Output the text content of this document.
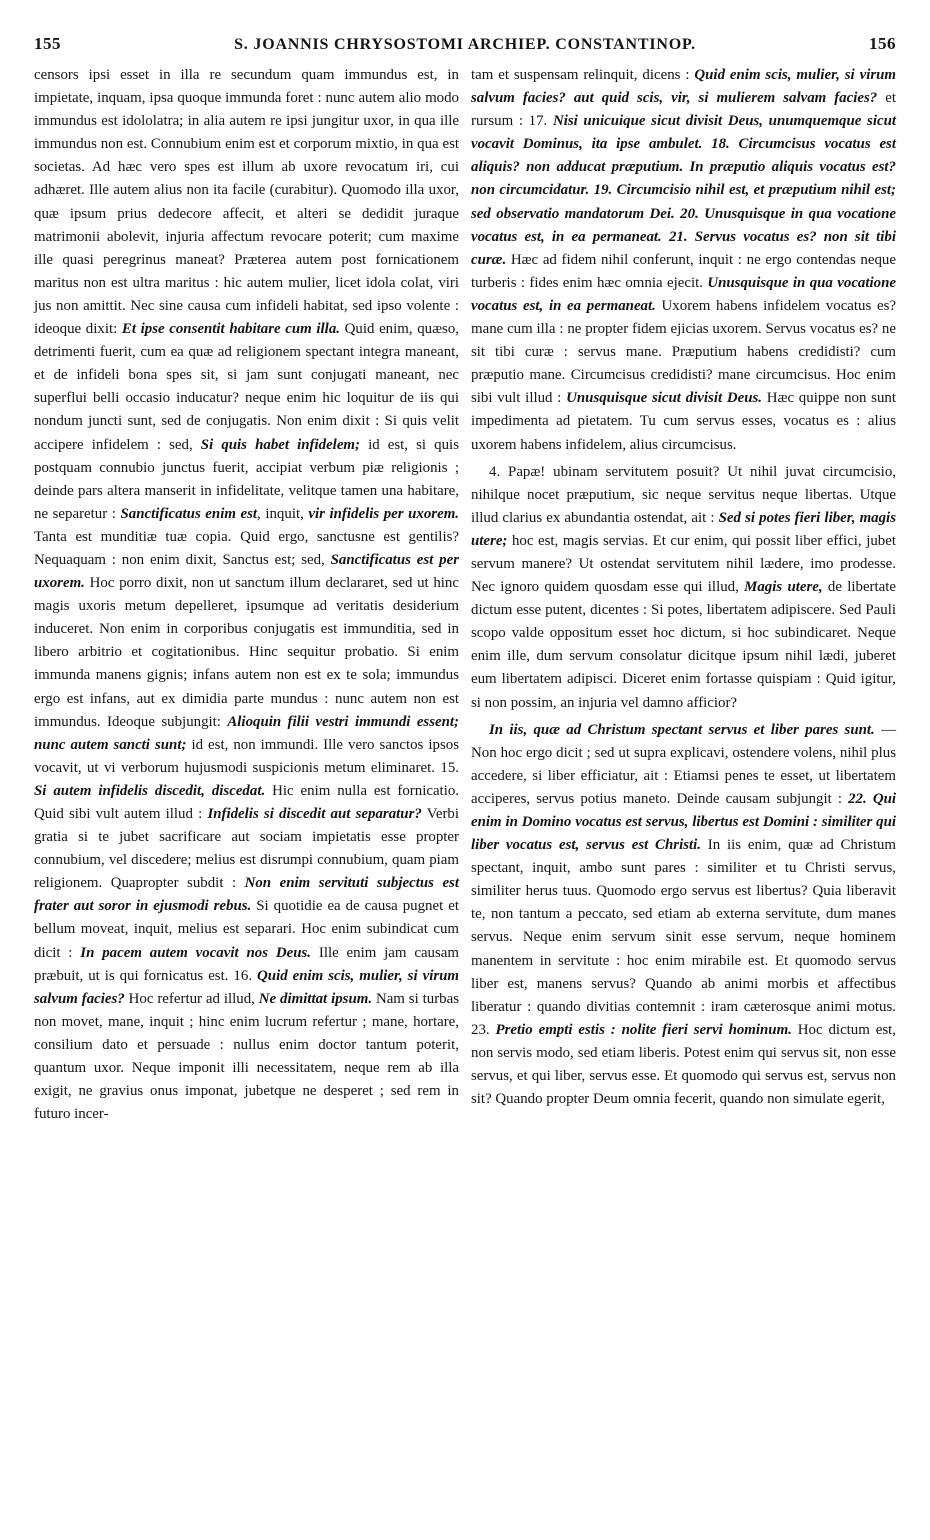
155	S. JOANNIS CHRYSOSTOMI ARCHIEP. CONSTANTINOP.	156

censors ipsi esset in illa re secundum quam immundus est, in impietate, inquam, ipsa quoque immunda foret : nunc autem alio modo immundus est idololatra; in alia autem re ipsi jungitur uxor, in qua ille immundus non est. Connubium enim est et corporum mixtio, in qua est societas. Ad hæc vero spes est illum ab uxore revocatum iri, cui adhæret. Ille autem alius non ita facile (curabitur). Quomodo illa uxor, quæ ipsum prius dedecore affecit, et alteri se dedidit juraque matrimonii abolevit, injuria affectum revocare poterit; cum maxime ille quasi peregrinus maneat? Præterea autem post fornicationem maritus non est ultra maritus : hic autem mulier, licet idola colat, viri jus non amittit. Nec sine causa cum infideli habitat, sed ipso volente : ideoque dixit: Et ipse consentit habitare cum illa. Quid enim, quæso, detrimenti fuerit, cum ea quæ ad religionem spectant integra maneant, et de infideli bona spes sit, si jam sunt conjugati maneant, nec superflui belli occasio inducatur? neque enim hic loquitur de iis qui nondum juncti sunt, sed de conjugatis. Non enim dixit : Si quis velit accipere infidelem : sed, Si quis habet infidelem; id est, si quis postquam connubio junctus fuerit, accipiat verbum piæ religionis ; deinde pars altera manserit in infidelitate, velitque tamen una habitare, ne separetur : Sanctificatus enim est, inquit, vir infidelis per uxorem. Tanta est munditiæ tuæ copia. Quid ergo, sanctusne est gentilis? Nequaquam : non enim dixit, Sanctus est; sed, Sanctificatus est per uxorem. Hoc porro dixit, non ut sanctum illum declararet, sed ut hinc magis uxoris metum depelleret, ipsumque ad veritatis desiderium induceret. Non enim in corporibus conjugatis est immunditia, sed in libero arbitrio et cogitationibus. Hinc sequitur probatio. Si enim immunda manens gignis; infans autem non est ex te sola; immundus ergo est infans, aut ex dimidia parte mundus : nunc autem non est immundus. Ideoque subjungit: Alioquin filii vestri immundi essent; nunc autem sancti sunt; id est, non immundi. Ille vero sanctos ipsos vocavit, ut vi verborum hujusmodi suspicionis metum eliminaret. 15. Si autem infidelis discedit, discedat. Hic enim nulla est fornicatio. Quid sibi vult autem illud : Infidelis si discedit aut separatur? Verbi gratia si te jubet sacrificare aut sociam impietatis esse propter connubium, vel discedere; melius est disrumpi connubium, quam piam religionem. Quapropter subdit : Non enim servituti subjectus est frater aut soror in ejusmodi rebus. Si quotidie ea de causa pugnet et bellum moveat, inquit, melius est separari. Hoc enim subindicat cum dicit : In pacem autem vocavit nos Deus. Ille enim jam causam præbuit, ut is qui fornicatus est. 16. Quid enim scis, mulier, si virum salvum facies? Hoc refertur ad illud, Ne dimittat ipsum. Nam si turbas non movet, mane, inquit ; hinc enim lucrum refertur ; mane, hortare, consilium dato et persuade : nullus enim doctor tantum poterit, quantum uxor. Neque imponit illi necessitatem, neque rem ab illa exigit, ne gravius onus imponat, jubetque ne desperet ; sed rem in futuro incer-

tam et suspensam relinquit, dicens : Quid enim scis, mulier, si virum salvum facies? aut quid scis, vir, si mulierem salvam facies? et rursum : 17. Nisi unicuique sicut divisit Deus, unumquemque sicut vocavit Dominus, ita ipse ambulet. 18. Circumcisus vocatus est aliquis? non adducat præputium. In præputio aliquis vocatus est? non circumcidatur. 19. Circumcisio nihil est, et præputium nihil est; sed observatio mandatorum Dei. 20. Unusquisque in qua vocatione vocatus est, in ea permaneat. 21. Servus vocatus es? non sit tibi curæ. Hæc ad fidem nihil conferunt, inquit : ne ergo contendas neque turberis : fides enim hæc omnia ejecit. Unusquisque in qua vocatione vocatus est, in ea permaneat. Uxorem habens infidelem vocatus es? mane cum illa : ne propter fidem ejicias uxorem. Servus vocatus es? ne sit tibi curæ : servus mane. Præputium habens credidisti? cum præputio mane. Circumcisus credidisti? mane circumcisus. Hoc enim sibi vult illud : Unusquisque sicut divisit Deus. Hæc quippe non sunt impedimenta ad pietatem. Tu cum servus esses, vocatus es : alius uxorem habens infidelem, alius circumcisus.

4. Papæ! ubinam servitutem posuit? Ut nihil juvat circumcisio, nihilque nocet præputium, sic neque servitus neque libertas. Utque illud clarius ex abundantia ostendat, ait : Sed si potes fieri liber, magis utere; hoc est, magis servias. Et cur enim, qui possit liber effici, jubet servum manere? Ut ostendat servitutem nihil lædere, imo prodesse. Nec ignoro quidem quosdam esse qui illud, Magis utere, de libertate dictum esse putent, dicentes : Si potes, libertatem adipiscere. Sed Pauli scopo valde oppositum esset hoc dictum, si hoc subindicaret. Neque enim ille, dum servum consolatur dicitque ipsum nihil lædi, juberet eum libertatem adipisci. Diceret enim fortasse quispiam : Quid igitur, si non possim, an injuria vel damno afficior?

In iis, quæ ad Christum spectant servus et liber pares sunt. — Non hoc ergo dicit ; sed ut supra explicavi, ostendere volens, nihil plus accedere, si liber efficiatur, ait : Etiamsi penes te esset, ut libertatem acciperes, servus potius maneto. Deinde causam subjungit : 22. Qui enim in Domino vocatus est servus, libertus est Domini : similiter qui liber vocatus est, servus est Christi. In iis enim, quæ ad Christum spectant, inquit, ambo sunt pares : similiter et tu Christi servus, similiter herus tuus. Quomodo ergo servus est libertus? Quia liberavit te, non tantum a peccato, sed etiam ab externa servitute, dum manes servus. Neque enim servum sinit esse servum, neque hominem manentem in servitute : hoc enim mirabile est. Et quomodo servus liber est, manens servus? Quando ab animi morbis et affectibus liberatur : quando divitias contemnit : iram cæterosque animi motus. 23. Pretio empti estis : nolite fieri servi hominum. Hoc dictum est, non servis modo, sed etiam liberis. Potest enim qui servus sit, non esse servus, et qui liber, servus esse. Et quomodo qui servus est, servus non sit? Quando propter Deum omnia fecerit, quando non simulate egerit,
